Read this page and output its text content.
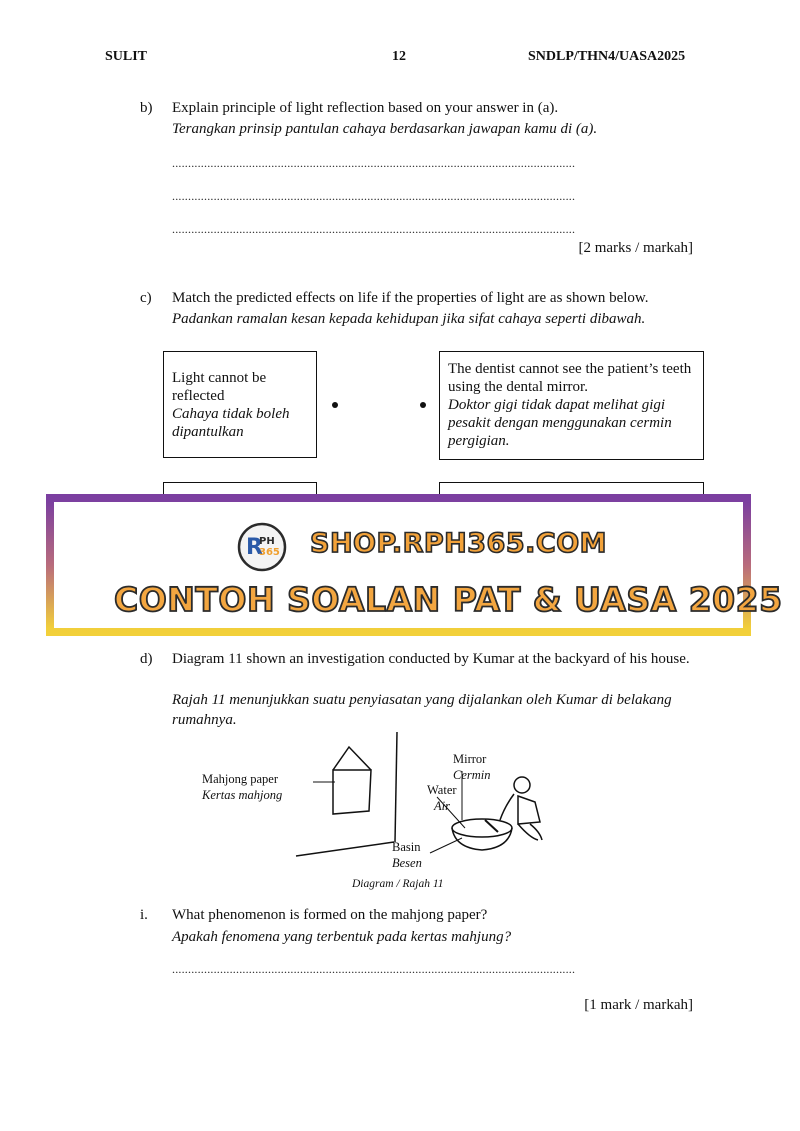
SULIT	12	SNDLP/THN4/UASA2025
b) Explain principle of light reflection based on your answer in (a).
Terangkan prinsip pantulan cahaya berdasarkan jawapan kamu di (a).
..............................................................................................................................
..............................................................................................................................
..............................................................................................................................
[2 marks / markah]
c) Match the predicted effects on life if the properties of light are as shown below.
Padankan ramalan kesan kepada kehidupan jika sifat cahaya seperti dibawah.
Light cannot be reflected
Cahaya tidak boleh dipantulkan
The dentist cannot see the patient’s teeth using the dental mirror.
Doktor gigi tidak dapat melihat gigi pesakit dengan menggunakan cermin pergigian.
R
PH
365 SHOP.RPH365.COM
CONTOH SOALAN PAT & UASA 2025
d) Diagram 11 shown an investigation conducted by Kumar at the backyard of his house.
Rajah 11 menunjukkan suatu penyiasatan yang dijalankan oleh Kumar di belakang rumahnya.
Mahjong paper
Kertas mahjong
Mirror
Cermin
Water
Air
Basin
Besen
Diagram / Rajah 11
i. What phenomenon is formed on the mahjong paper?
Apakah fenomena yang terbentuk pada kertas mahjung?
..............................................................................................................................
[1 mark / markah]
